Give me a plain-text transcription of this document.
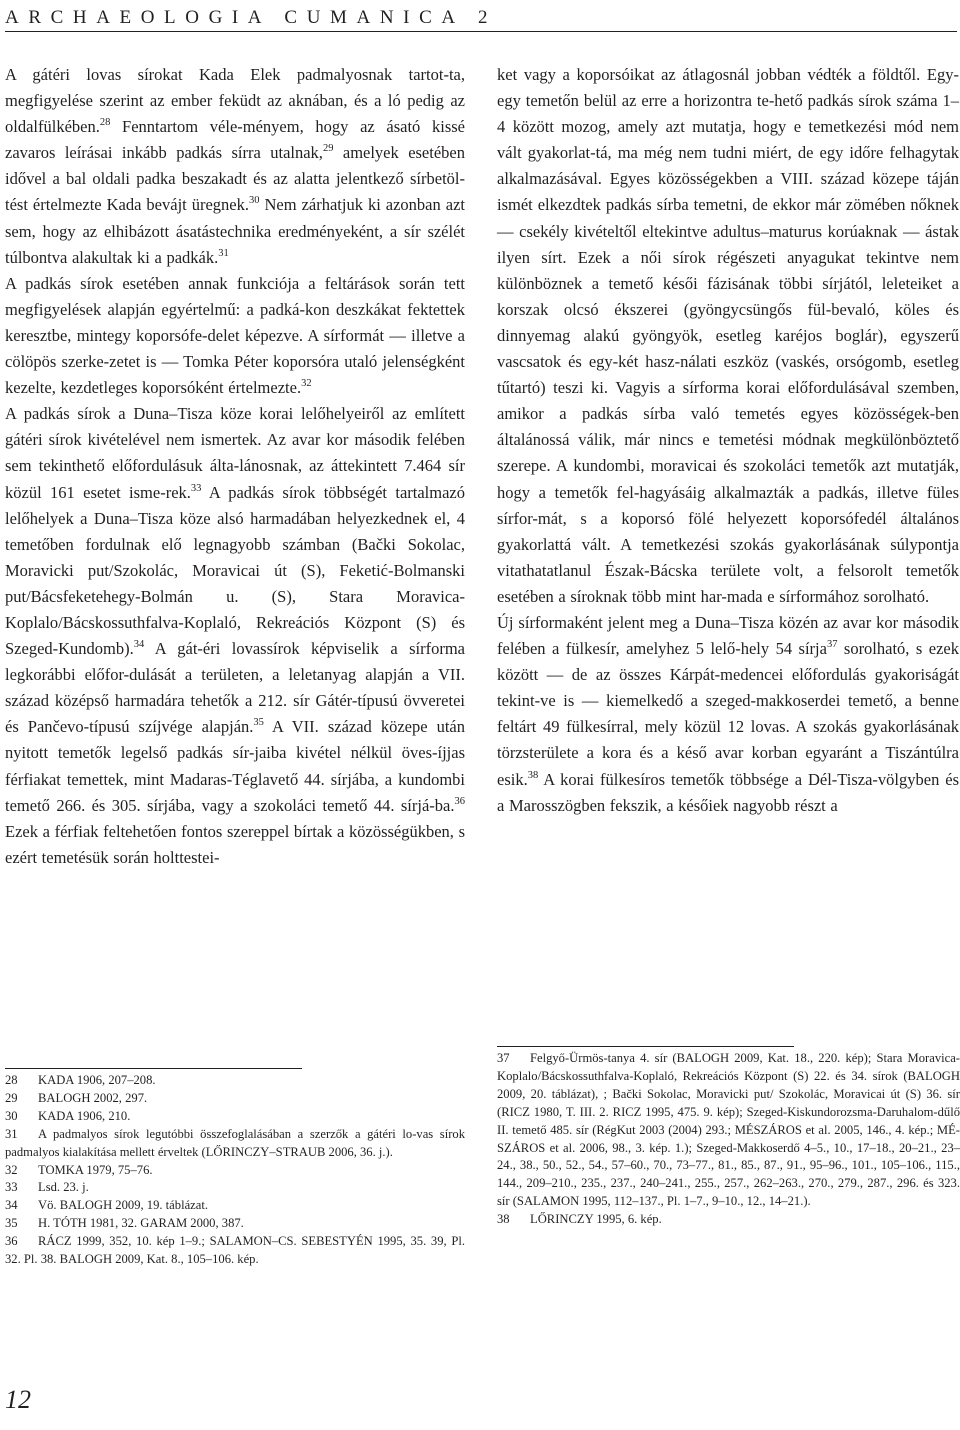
ARCHAEOLOGIA CUMANICA 2

A gátéri lovas sírokat Kada Elek padmalyosnak tartot-ta, megfigyelése szerint az ember feküdt az aknában, és a ló pedig az oldalfülkében.$^{28}$ Fenntartom véle-ményem, hogy az ásató kissé zavaros leírásai inkább padkás sírra utalnak,$^{29}$ amelyek esetében idővel a bal oldali padka beszakadt és az alatta jelentkező sírbetöl-tést értelmezte Kada bevájt üregnek.$^{30}$ Nem zárhatjuk ki azonban azt sem, hogy az elhibázott ásatástechnika eredményeként, a sír szélét túlbontva alakultak ki a padkák.$^{31}$

A padkás sírok esetében annak funkciója a feltárások során tett megfigyelések alapján egyértelmű: a padká-kon deszkákat fektettek keresztbe, mintegy koporsófe-delet képezve. A sírformát — illetve a cölöpös szerke-zetet is — Tomka Péter koporsóra utaló jelenségként kezelte, kezdetleges koporsóként értelmezte.$^{32}$

A padkás sírok a Duna–Tisza köze korai lelőhelyeiről az említett gátéri sírok kivételével nem ismertek. Az avar kor második felében sem tekinthető előfordulásuk álta-lánosnak, az áttekintett 7.464 sír közül 161 esetet isme-rek.$^{33}$ A padkás sírok többségét tartalmazó lelőhelyek a Duna–Tisza köze alsó harmadában helyezkednek el, 4 temetőben fordulnak elő legnagyobb számban (Bački Sokolac, Moravicki put/Szokolác, Moravicai út (S), Feketić-Bolmanski put/Bácsfeketehegy-Bolmán u. (S), Stara Moravica-Koplalo/Bácskossuthfalva-Koplaló, Rekreációs Központ (S) és Szeged-Kundomb).$^{34}$ A gát-éri lovassírok képviselik a sírforma legkorábbi előfor-dulását a területen, a leletanyag alapján a VII. század középső harmadára tehetők a 212. sír Gátér-típusú övveretei és Pančevo-típusú szíjvége alapján.$^{35}$ A VII. század közepe után nyitott temetők legelső padkás sír-jaiba kivétel nélkül öves-íjjas férfiakat temettek, mint Madaras-Téglavető 44. sírjába, a kundombi temető 266. és 305. sírjába, vagy a szokoláci temető 44. sírjá-ba.$^{36}$ Ezek a férfiak feltehetően fontos szereppel bírtak a közösségükben, s ezért temetésük során holttestei-

ket vagy a koporsóikat az átlagosnál jobban védték a földtől. Egy-egy temetőn belül az erre a horizontra te-hető padkás sírok száma 1–4 között mozog, amely azt mutatja, hogy e temetkezési mód nem vált gyakorlat-tá, ma még nem tudni miért, de egy időre felhagytak alkalmazásával. Egyes közösségekben a VIII. század közepe táján ismét elkezdtek padkás sírba temetni, de ekkor már zömében nőknek — csekély kivételtől eltekintve adultus–maturus korúaknak — ástak ilyen sírt. Ezek a női sírok régészeti anyagukat tekintve nem különböznek a temető késői fázisának többi sírjától, leleteiket a korszak olcsó ékszerei (gyöngycsüngős fül-bevaló, köles és dinnyemag alakú gyöngyök, esetleg karéjos boglár), egyszerű vascsatok és egy-két hasz-nálati eszköz (vaskés, orsógomb, esetleg tűtartó) teszi ki. Vagyis a sírforma korai előfordulásával szemben, amikor a padkás sírba való temetés egyes közösségek-ben általánossá válik, már nincs e temetési módnak megkülönböztető szerepe. A kundombi, moravicai és szokoláci temetők azt mutatják, hogy a temetők fel-hagyásáig alkalmazták a padkás, illetve füles sírfor-mát, s a koporsó fölé helyezett koporsófedél általános gyakorlattá vált. A temetkezési szokás gyakorlásának súlypontja vitathatatlanul Észak-Bácska területe volt, a felsorolt temetők esetében a síroknak több mint har-mada e sírformához sorolható.

Új sírformaként jelent meg a Duna–Tisza közén az avar kor második felében a fülkesír, amelyhez 5 lelő-hely 54 sírja$^{37}$ sorolható, s ezek között — de az összes Kárpát-medencei előfordulás gyakoriságát tekint-ve is — kiemelkedő a szeged-makkoserdei temető, a benne feltárt 49 fülkesírral, mely közül 12 lovas. A szokás gyakorlásának törzsterülete a kora és a késő avar korban egyaránt a Tiszántúlra esik.$^{38}$ A korai fülkesíros temetők többsége a Dél-Tisza-völgyben és a Marosszögben fekszik, a későiek nagyobb részt a

28 KADA 1906, 207–208.

29 BALOGH 2002, 297.

30 KADA 1906, 210.

31 A padmalyos sírok legutóbbi összefoglalásában a szerzők a gátéri lo-vas sírok padmalyos kialakítása mellett érveltek (LŐRINCZY–STRAUB 2006, 36. j.).

32 TOMKA 1979, 75–76.

33 Lsd. 23. j.

34 Vö. BALOGH 2009, 19. táblázat.

35 H. TÓTH 1981, 32. GARAM 2000, 387.

36 RÁCZ 1999, 352, 10. kép 1–9.; SALAMON–CS. SEBESTYÉN 1995, 35. 39, Pl. 32. Pl. 38. BALOGH 2009, Kat. 8., 105–106. kép.

37 Felgyő-Ürmös-tanya 4. sír (BALOGH 2009, Kat. 18., 220. kép); Stara Moravica-Koplalo/Bácskossuthfalva-Koplaló, Rekreációs Központ (S) 22. és 34. sírok (BALOGH 2009, 20. táblázat), ; Bački Sokolac, Moravicki put/ Szokolác, Moravicai út (S) 36. sír (RICZ 1980, T. III. 2. RICZ 1995, 475. 9. kép); Szeged-Kiskundorozsma-Daruhalom-dűlő II. temető 485. sír (RégKut 2003 (2004) 293.; MÉSZÁROS et al. 2005, 146., 4. kép.; MÉ-SZÁROS et al. 2006, 98., 3. kép. 1.); Szeged-Makkoserdő 4–5., 10., 17–18., 20–21., 23–24., 38., 50., 52., 54., 57–60., 70., 73–77., 81., 85., 87., 91., 95–96., 101., 105–106., 115., 144., 209–210., 235., 237., 240–241., 255., 257., 262–263., 270., 279., 287., 296. és 323. sír (SALAMON 1995, 112–137., Pl. 1–7., 9–10., 12., 14–21.).

38 LŐRINCZY 1995, 6. kép.

12
